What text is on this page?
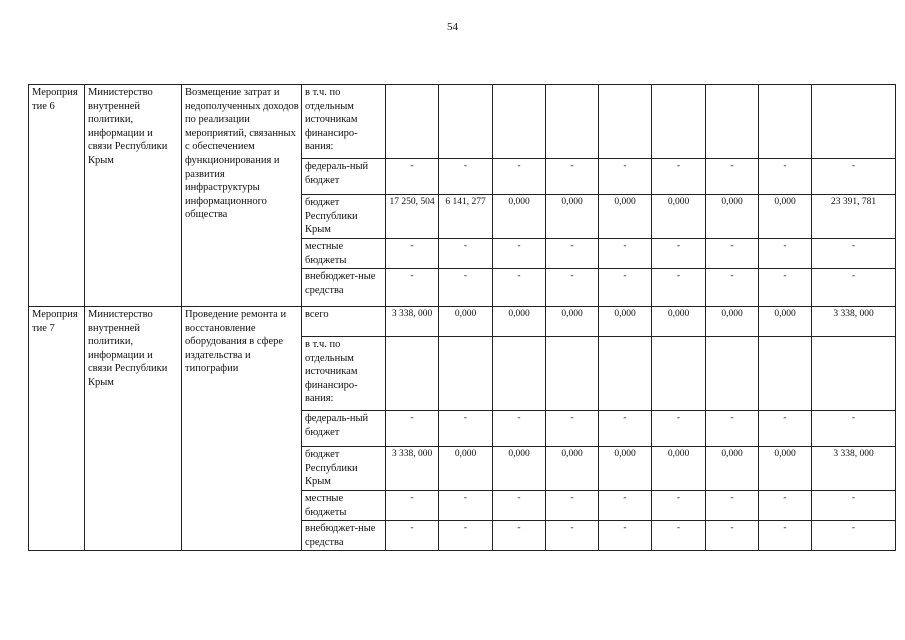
54
Мероприятие 6	Министерство внутренней политики, информации и связи Республики Крым	Возмещение затрат и недополученных доходов по реализации мероприятий, связанных с обеспечением функционирования и развития инфраструктуры информационного общества	в т.ч. по отдельным источникам финансиро-вания:									
			федераль-ный бюджет	-	-	-	-	-	-	-	-	-
			бюджет Республики Крым	17 250, 504	6 141, 277	0,000	0,000	0,000	0,000	0,000	0,000	23 391, 781
			местные бюджеты	-	-	-	-	-	-	-	-	-
			внебюджет-ные средства	-	-	-	-	-	-	-	-	-
Мероприятие 7	Министерство внутренней политики, информации и связи Республики Крым	Проведение ремонта и восстановление оборудования в сфере издательства и типографии	всего	3 338, 000	0,000	0,000	0,000	0,000	0,000	0,000	0,000	3 338, 000
			в т.ч. по отдельным источникам финансиро-вания:									
			федераль-ный бюджет	-	-	-	-	-	-	-	-	-
			бюджет Республики Крым	3 338, 000	0,000	0,000	0,000	0,000	0,000	0,000	0,000	3 338, 000
			местные бюджеты	-	-	-	-	-	-	-	-	-
			внебюджет-ные средства	-	-	-	-	-	-	-	-	-
